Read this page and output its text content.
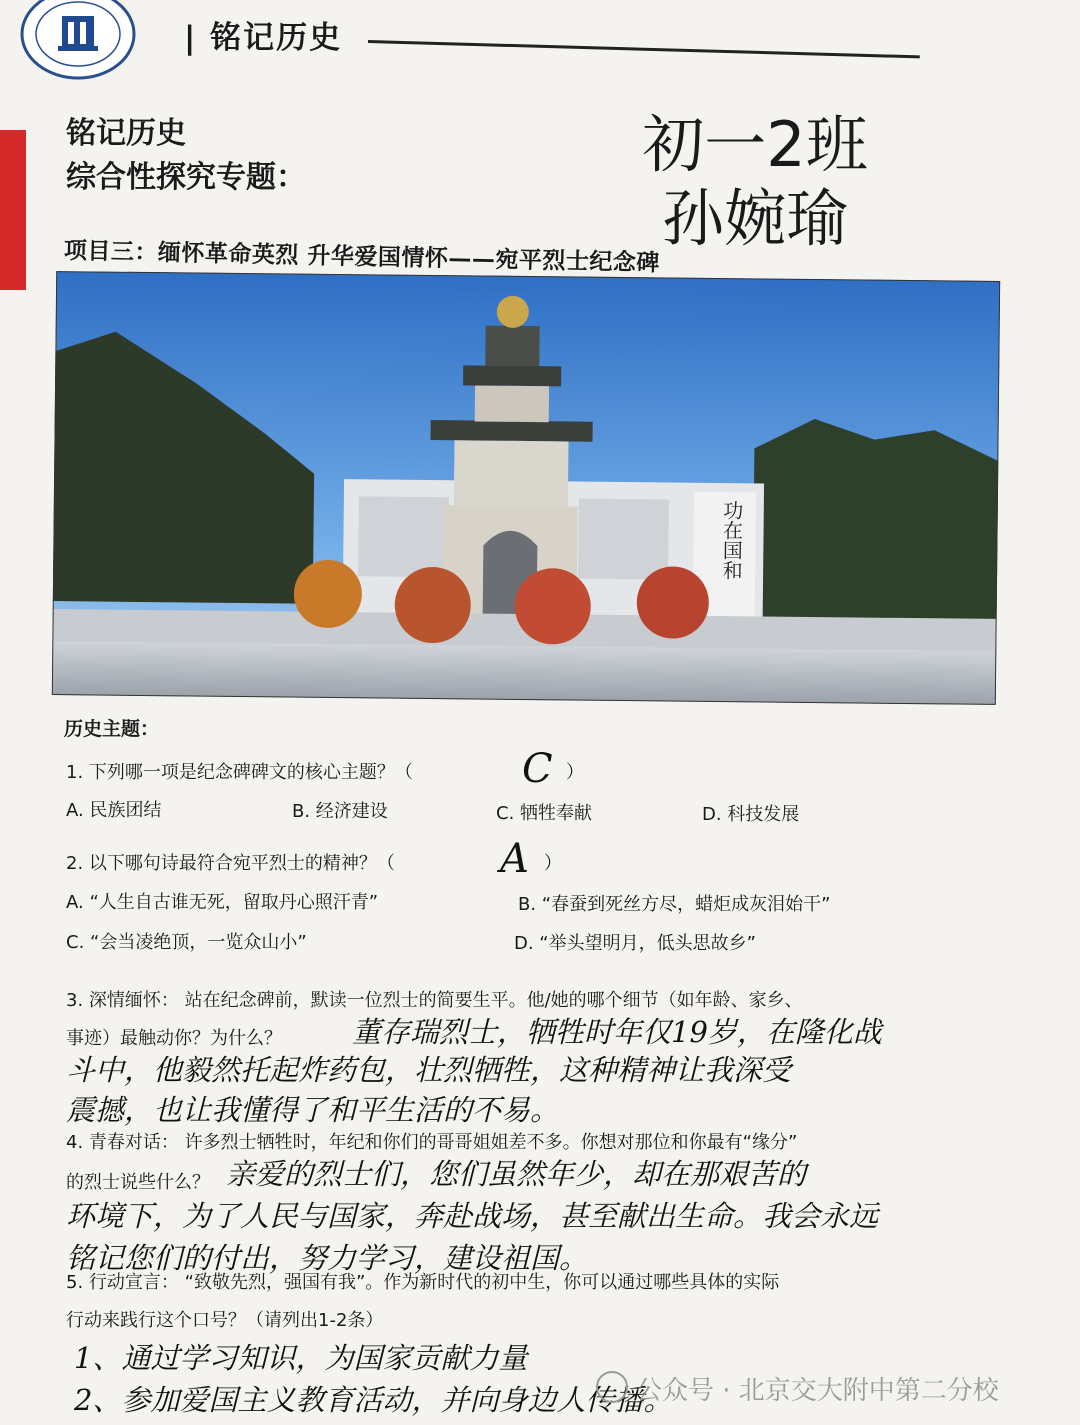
| 铭记历史
铭记历史
综合性探究专题：	初一2班
孙婉瑜
项目三：缅怀革命英烈 升华爱国情怀——宛平烈士纪念碑
功在国和
历史主题：
1. 下列哪一项是纪念碑碑文的核心主题？（	C ）
A. 民族团结	B. 经济建设	C. 牺牲奉献	D. 科技发展
2. 以下哪句诗最符合宛平烈士的精神？（	A ）
A. “人生自古谁无死，留取丹心照汗青”	B. “春蚕到死丝方尽，蜡炬成灰泪始干”
C. “会当凌绝顶，一览众山小”	D. “举头望明月，低头思故乡”
3. 深情缅怀： 站在纪念碑前，默读一位烈士的简要生平。他/她的哪个细节（如年龄、家乡、
事迹）最触动你？为什么？ 董存瑞烈士，牺牲时年仅19岁，在隆化战
斗中，他毅然托起炸药包，壮烈牺牲，这种精神让我深受
震撼，也让我懂得了和平生活的不易。
4. 青春对话： 许多烈士牺牲时，年纪和你们的哥哥姐姐差不多。你想对那位和你最有“缘分”
的烈士说些什么？ 亲爱的烈士们，您们虽然年少，却在那艰苦的
环境下，为了人民与国家，奔赴战场，甚至献出生命。我会永远
铭记您们的付出，努力学习，建设祖国。
5. 行动宣言： “致敬先烈，强国有我”。作为新时代的初中生，你可以通过哪些具体的实际
行动来践行这个口号？（请列出1-2条）
1、通过学习知识，为国家贡献力量
2、参加爱国主义教育活动，并向身边人传播。
公众号 · 北京交大附中第二分校
